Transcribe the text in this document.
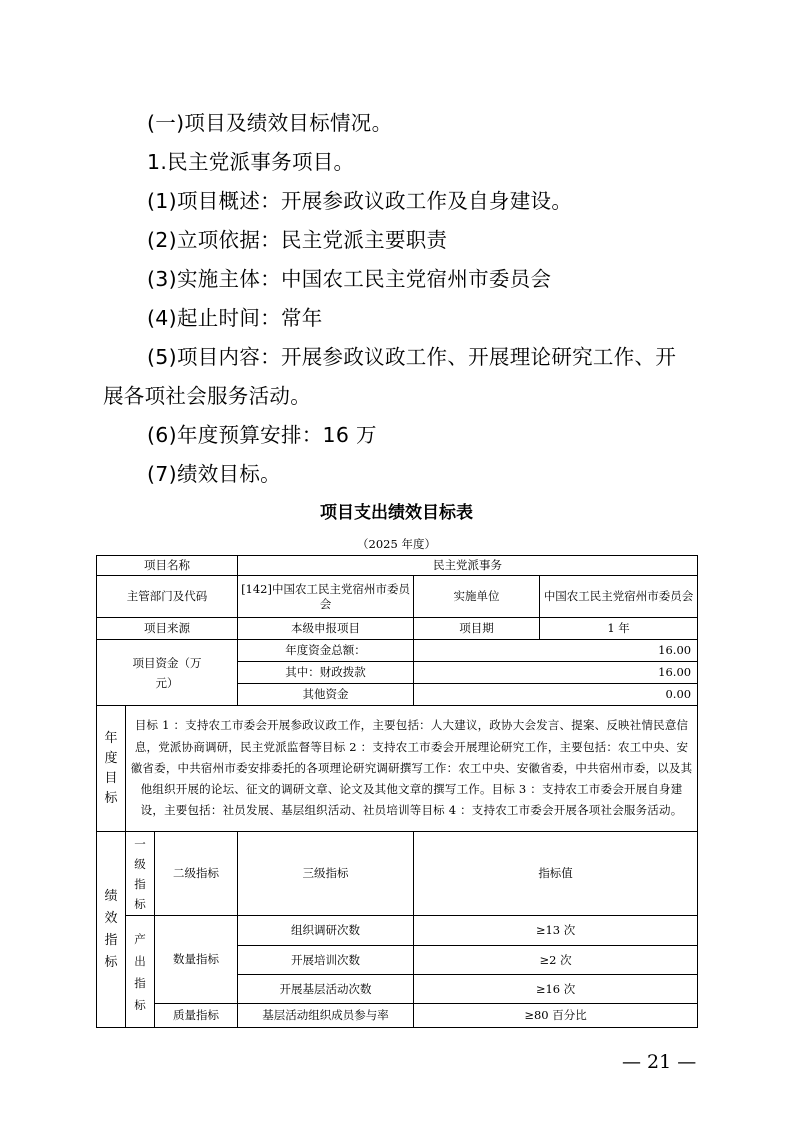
(一)项目及绩效目标情况。
1.民主党派事务项目。
(1)项目概述：开展参政议政工作及自身建设。
(2)立项依据：民主党派主要职责
(3)实施主体：中国农工民主党宿州市委员会
(4)起止时间：常年
(5)项目内容：开展参政议政工作、开展理论研究工作、开
展各项社会服务活动。
(6)年度预算安排：16 万
(7)绩效目标。
项目支出绩效目标表
（2025 年度）
项目名称			民主党派事务		
主管部门及代码			[142]中国农工民主党宿州市委员会	实施单位	中国农工民主党宿州市委员会
项目来源			本级申报项目	项目期	1 年

项目资金（万元）			年度资金总额：	16.00	
			其中：财政拨款	16.00	
			其他资金	0.00	

年度目标	目标 1 ：支持农工市委会开展参政议政工作，主要包括：人大建议，政协大会发言、提案、反映社情民意信息，党派协商调研，民主党派监督等目标 2 ：支持农工市委会开展理论研究工作，主要包括：农工中央、安徽省委，中共宿州市委安排委托的各项理论研究调研撰写工作：农工中央、安徽省委，中共宿州市委，以及其他组织开展的论坛、征文的调研文章、论文及其他文章的撰写工作。目标 3 ：支持农工市委会开展自身建设，主要包括：社员发展、基层组织活动、社员培训等目标 4 ：支持农工市委会开展各项社会服务活动。				

绩效指标	一级指标	二级指标	三级指标	指标值	

	产出指标	数量指标	组织调研次数	≥13 次	
			开展培训次数	≥2 次	
			开展基层活动次数	≥16 次	
		质量指标	基层活动组织成员参与率	≥80 百分比	
— 21 —
